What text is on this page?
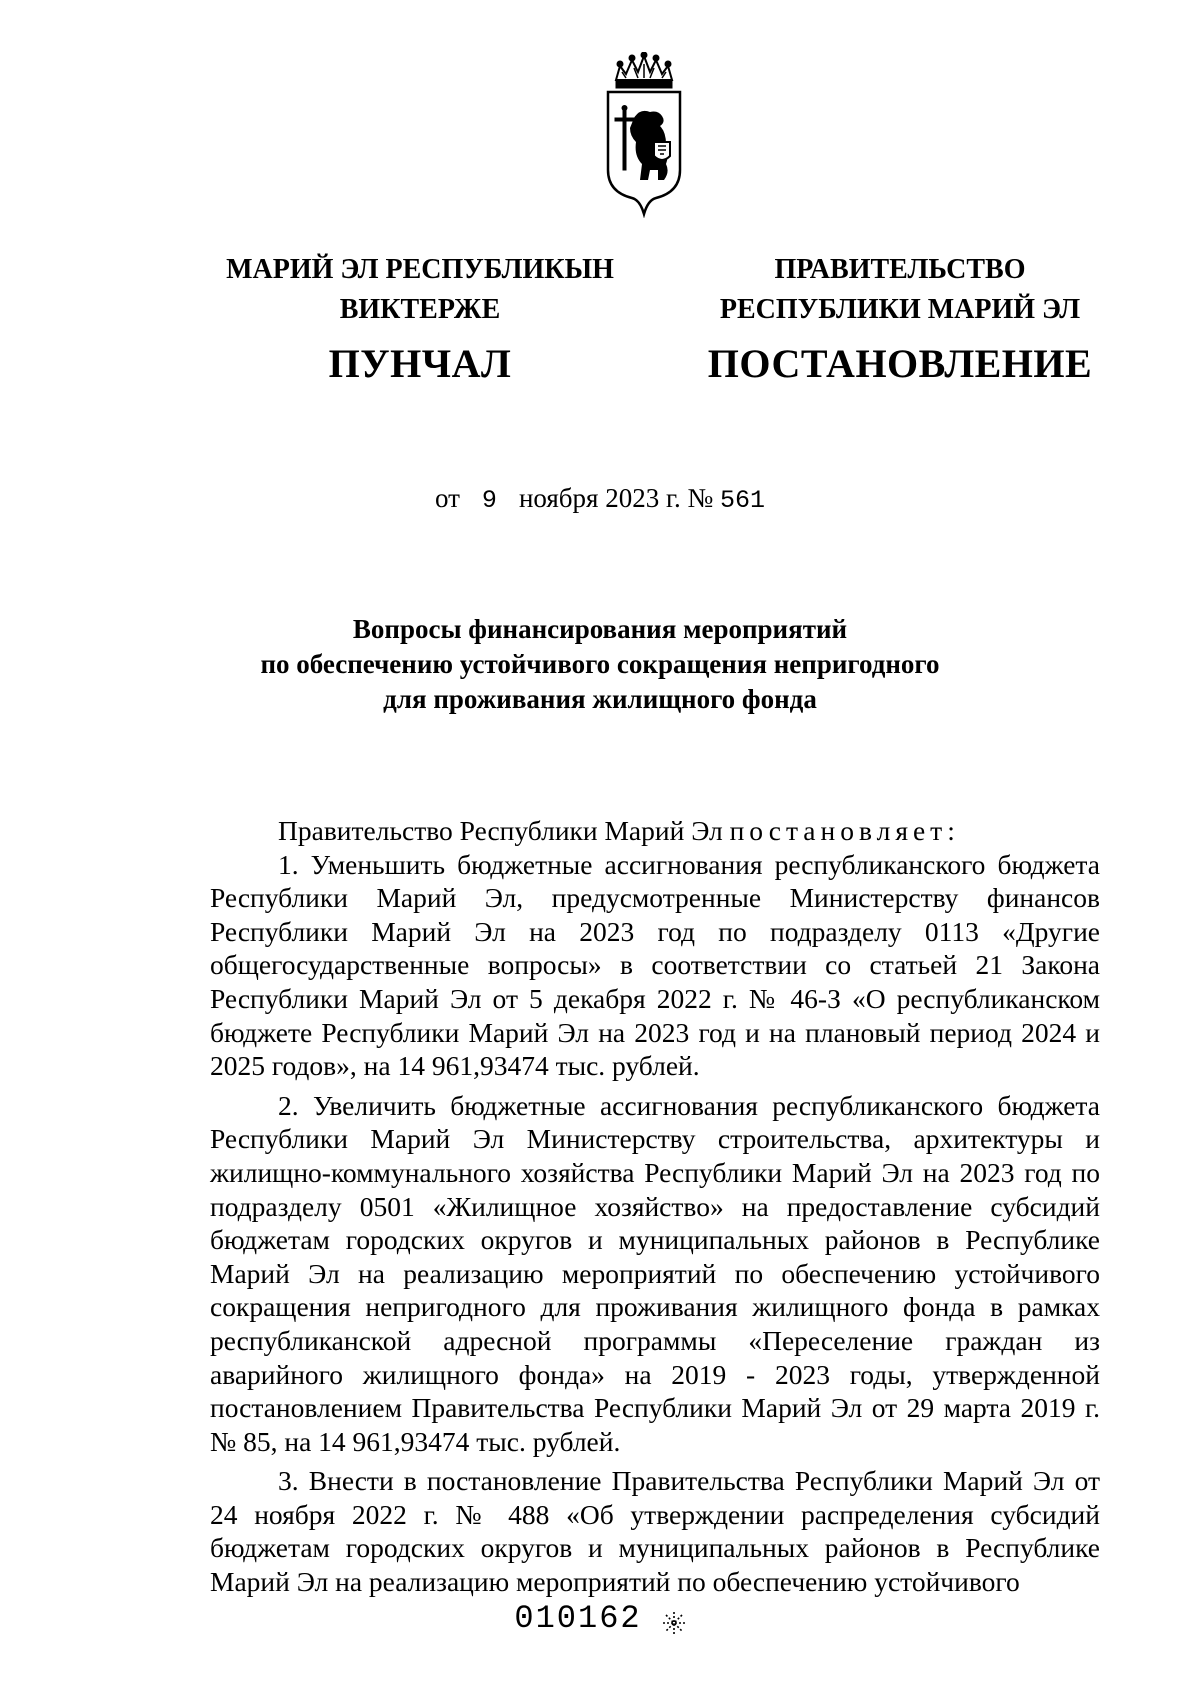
МАРИЙ ЭЛ РЕСПУБЛИКЫН
ВИКТЕРЖЕ
ПУНЧАЛ
ПРАВИТЕЛЬСТВО
РЕСПУБЛИКИ МАРИЙ ЭЛ
ПОСТАНОВЛЕНИЕ
от 9 ноября 2023 г. № 561
Вопросы финансирования мероприятий
по обеспечению устойчивого сокращения непригодного
для проживания жилищного фонда

Правительство Республики Марий Эл постановляет:

1. Уменьшить бюджетные ассигнования республиканского бюджета Республики Марий Эл, предусмотренные Министерству финансов Республики Марий Эл на 2023 год по подразделу 0113 «Другие общегосударственные вопросы» в соответствии со статьей 21 Закона Республики Марий Эл от 5 декабря 2022 г. № 46-З «О республиканском бюджете Республики Марий Эл на 2023 год и на плановый период 2024 и 2025 годов», на 14 961,93474 тыс. рублей.

2. Увеличить бюджетные ассигнования республиканского бюджета Республики Марий Эл Министерству строительства, архитектуры и жилищно-коммунального хозяйства Республики Марий Эл на 2023 год по подразделу 0501 «Жилищное хозяйство» на предоставление субсидий бюджетам городских округов и муниципальных районов в Республике Марий Эл на реализацию мероприятий по обеспечению устойчивого сокращения непригодного для проживания жилищного фонда в рамках республиканской адресной программы «Переселение граждан из аварийного жилищного фонда» на 2019 - 2023 годы, утвержденной постановлением Правительства Республики Марий Эл от 29 марта 2019 г. № 85, на 14 961,93474 тыс. рублей.

3. Внести в постановление Правительства Республики Марий Эл от 24 ноября 2022 г. № 488 «Об утверждении распределения субсидий бюджетам городских округов и муниципальных районов в Республике Марий Эл на реализацию мероприятий по обеспечению устойчивого

010162
